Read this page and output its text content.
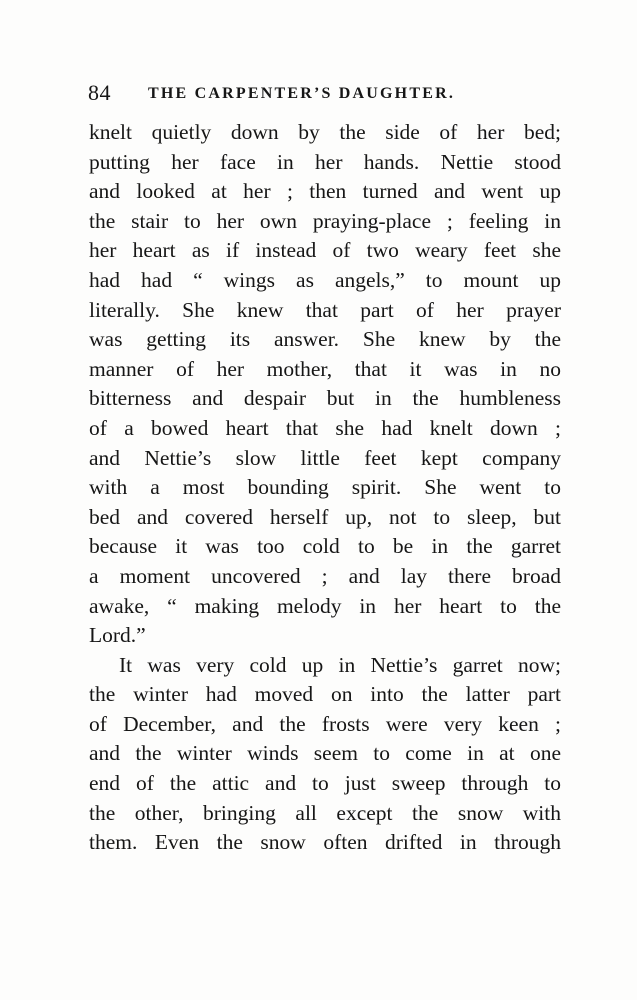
84 THE CARPENTER’S DAUGHTER.
knelt quietly down by the side of her bed;
putting her face in her hands. Nettie stood
and looked at her ; then turned and went up
the stair to her own praying-place ; feeling in
her heart as if instead of two weary feet she
had had “ wings as angels,” to mount up
literally. She knew that part of her prayer
was getting its answer. She knew by the
manner of her mother, that it was in no
bitterness and despair but in the humbleness
of a bowed heart that she had knelt down ;
and Nettie’s slow little feet kept company
with a most bounding spirit. She went to
bed and covered herself up, not to sleep, but
because it was too cold to be in the garret
a moment uncovered ; and lay there broad
awake, “ making melody in her heart to the
Lord.”
It was very cold up in Nettie’s garret now;
the winter had moved on into the latter part
of December, and the frosts were very keen ;
and the winter winds seem to come in at one
end of the attic and to just sweep through to
the other, bringing all except the snow with
them. Even the snow often drifted in through
